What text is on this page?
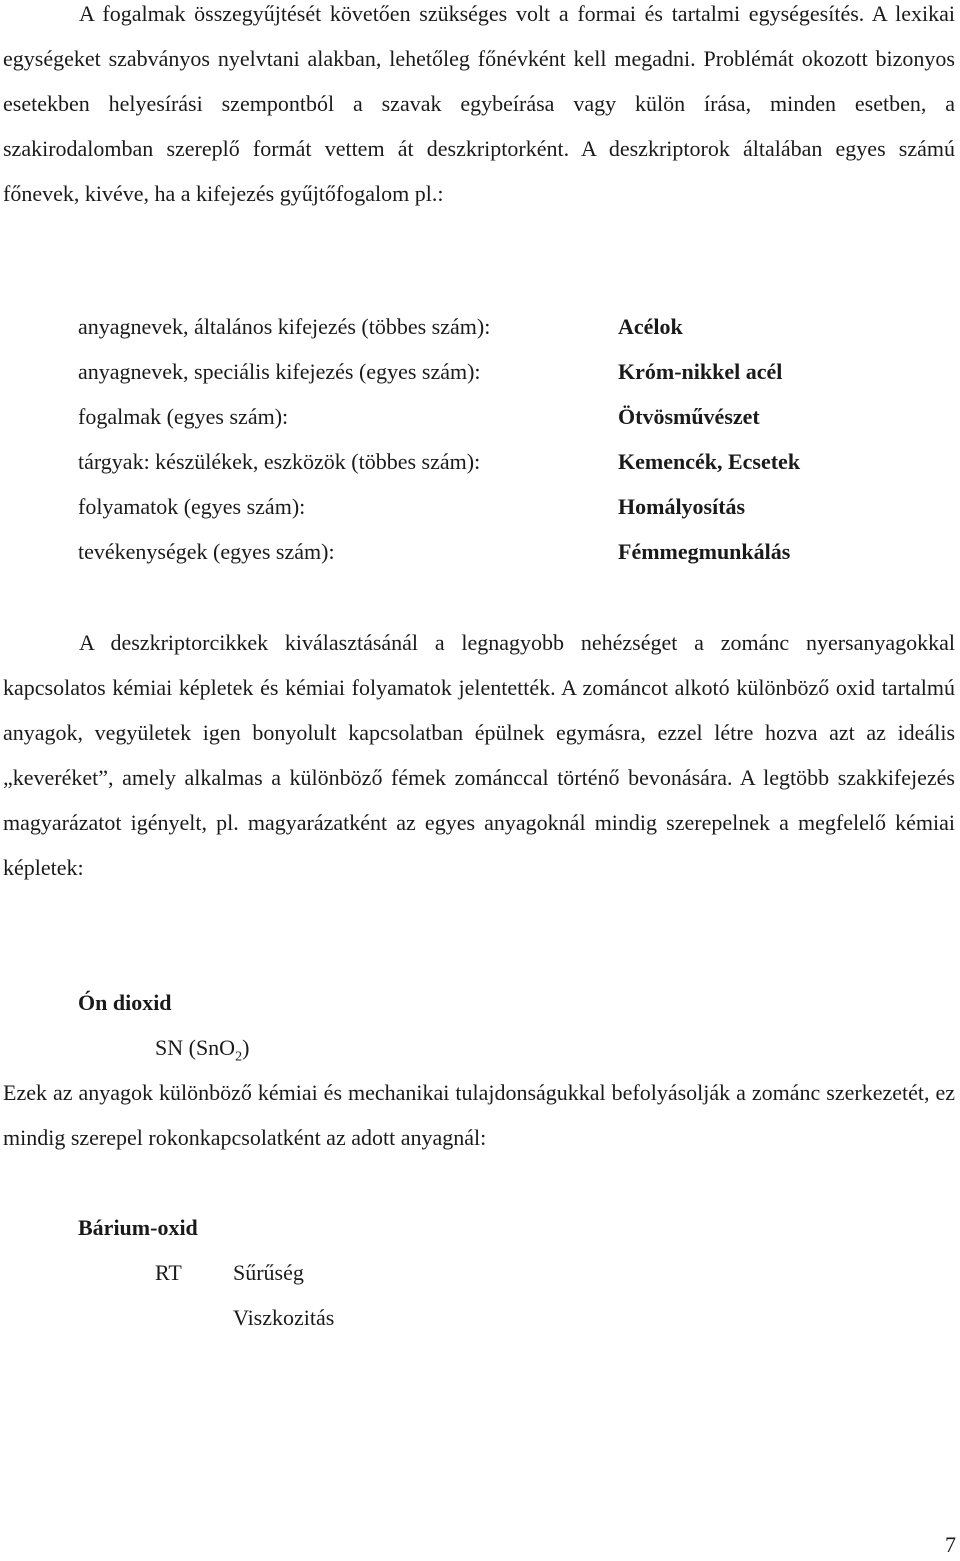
A fogalmak összegyűjtését követően szükséges volt a formai és tartalmi egységesítés. A lexikai egységeket szabványos nyelvtani alakban, lehetőleg főnévként kell megadni. Problémát okozott bizonyos esetekben helyesírási szempontból a szavak egybeírása vagy külön írása, minden esetben, a szakirodalomban szereplő formát vettem át deszkriptorként. A deszkriptorok általában egyes számú főnevek, kivéve, ha a kifejezés gyűjtőfogalom pl.:

anyagnevek, általános kifejezés (többes szám):	Acélok
anyagnevek, speciális kifejezés (egyes szám):	Króm-nikkel acél
fogalmak (egyes szám):	Ötvösművészet
tárgyak: készülékek, eszközök (többes szám):	Kemencék, Ecsetek
folyamatok (egyes szám):	Homályosítás
tevékenységek (egyes szám):	Fémmegmunkálás

A deszkriptorcikkek kiválasztásánál a legnagyobb nehézséget a zománc nyersanyagokkal kapcsolatos kémiai képletek és kémiai folyamatok jelentették. A zománcot alkotó különböző oxid tartalmú anyagok, vegyületek igen bonyolult kapcsolatban épülnek egymásra, ezzel létre hozva azt az ideális „keveréket”, amely alkalmas a különböző fémek zománccal történő bevonására. A legtöbb szakkifejezés magyarázatot igényelt, pl. magyarázatként az egyes anyagoknál mindig szerepelnek a megfelelő kémiai képletek:

Ón dioxid
SN (SnO$_2$)

Ezek az anyagok különböző kémiai és mechanikai tulajdonságukkal befolyásolják a zománc szerkezetét, ez mindig szerepel rokonkapcsolatként az adott anyagnál:

Bárium-oxid
RT Sűrűség
Viszkozitás
7
